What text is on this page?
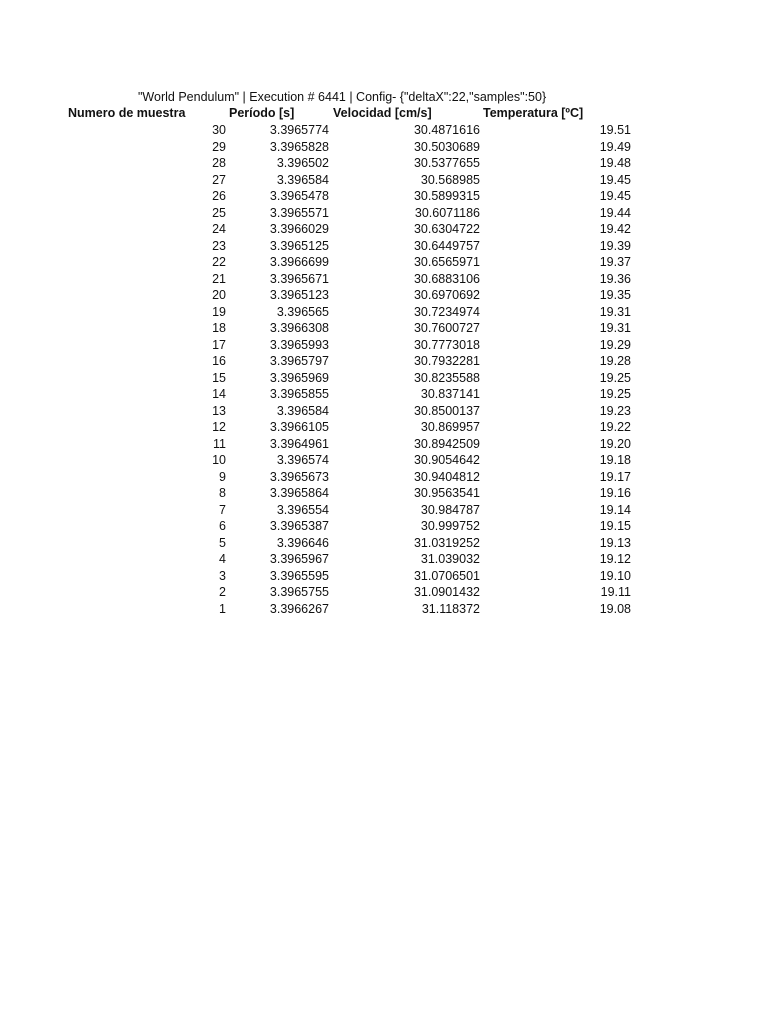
"World Pendulum" | Execution # 6441 | Config- {"deltaX":22,"samples":50}
Numero de muestra	Período [s]	Velocidad [cm/s]	Temperatura [ºC]
30	3.3965774	30.4871616	19.51
29	3.3965828	30.5030689	19.49
28	3.396502	30.5377655	19.48
27	3.396584	30.568985	19.45
26	3.3965478	30.5899315	19.45
25	3.3965571	30.6071186	19.44
24	3.3966029	30.6304722	19.42
23	3.3965125	30.6449757	19.39
22	3.3966699	30.6565971	19.37
21	3.3965671	30.6883106	19.36
20	3.3965123	30.6970692	19.35
19	3.396565	30.7234974	19.31
18	3.3966308	30.7600727	19.31
17	3.3965993	30.7773018	19.29
16	3.3965797	30.7932281	19.28
15	3.3965969	30.8235588	19.25
14	3.3965855	30.837141	19.25
13	3.396584	30.8500137	19.23
12	3.3966105	30.869957	19.22
11	3.3964961	30.8942509	19.20
10	3.396574	30.9054642	19.18
9	3.3965673	30.9404812	19.17
8	3.3965864	30.9563541	19.16
7	3.396554	30.984787	19.14
6	3.3965387	30.999752	19.15
5	3.396646	31.0319252	19.13
4	3.3965967	31.039032	19.12
3	3.3965595	31.0706501	19.10
2	3.3965755	31.0901432	19.11
1	3.3966267	31.118372	19.08
